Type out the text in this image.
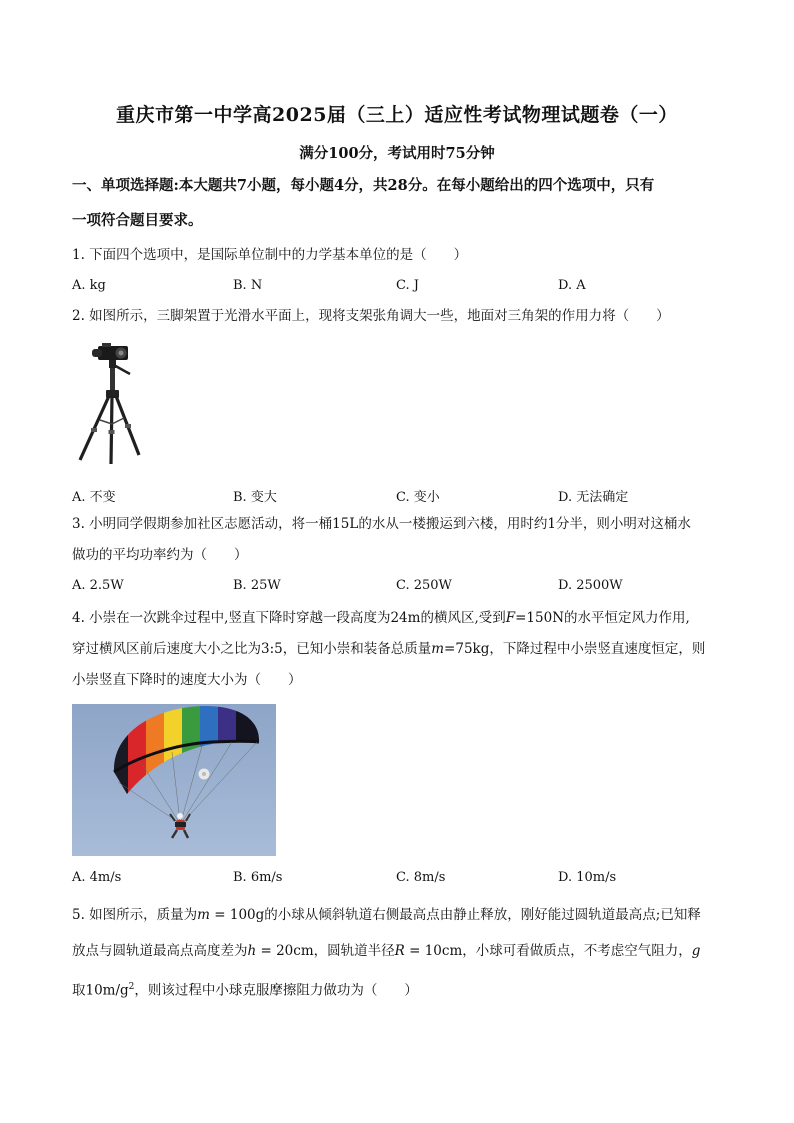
重庆市第一中学高2025届（三上）适应性考试物理试题卷（一）
满分100分，考试用时75分钟
一、单项选择题:本大题共7小题，每小题4分，共28分。在每小题给出的四个选项中，只有
一项符合题目要求。
1. 下面四个选项中，是国际单位制中的力学基本单位的是（　　）
A. kg	B. N	C. J	D. A
2. 如图所示，三脚架置于光滑水平面上，现将支架张角调大一些，地面对三角架的作用力将（　　）
A. 不变	B. 变大	C. 变小	D. 无法确定
3. 小明同学假期参加社区志愿活动，将一桶15L的水从一楼搬运到六楼，用时约1分半，则小明对这桶水
做功的平均功率约为（　　）
A. 2.5W	B. 25W	C. 250W	D. 2500W
4. 小崇在一次跳伞过程中,竖直下降时穿越一段高度为24m的横风区,受到F=150N的水平恒定风力作用,
穿过横风区前后速度大小之比为3:5，已知小崇和装备总质量m=75kg，下降过程中小崇竖直速度恒定，则
小崇竖直下降时的速度大小为（　　）
A. 4m/s	B. 6m/s	C. 8m/s	D. 10m/s
5. 如图所示，质量为m = 100g的小球从倾斜轨道右侧最高点由静止释放，刚好能过圆轨道最高点;已知释
放点与圆轨道最高点高度差为h = 20cm，圆轨道半径R = 10cm，小球可看做质点，不考虑空气阻力，g
取$10m/g^2$，则该过程中小球克服摩擦阻力做功为（　　）
